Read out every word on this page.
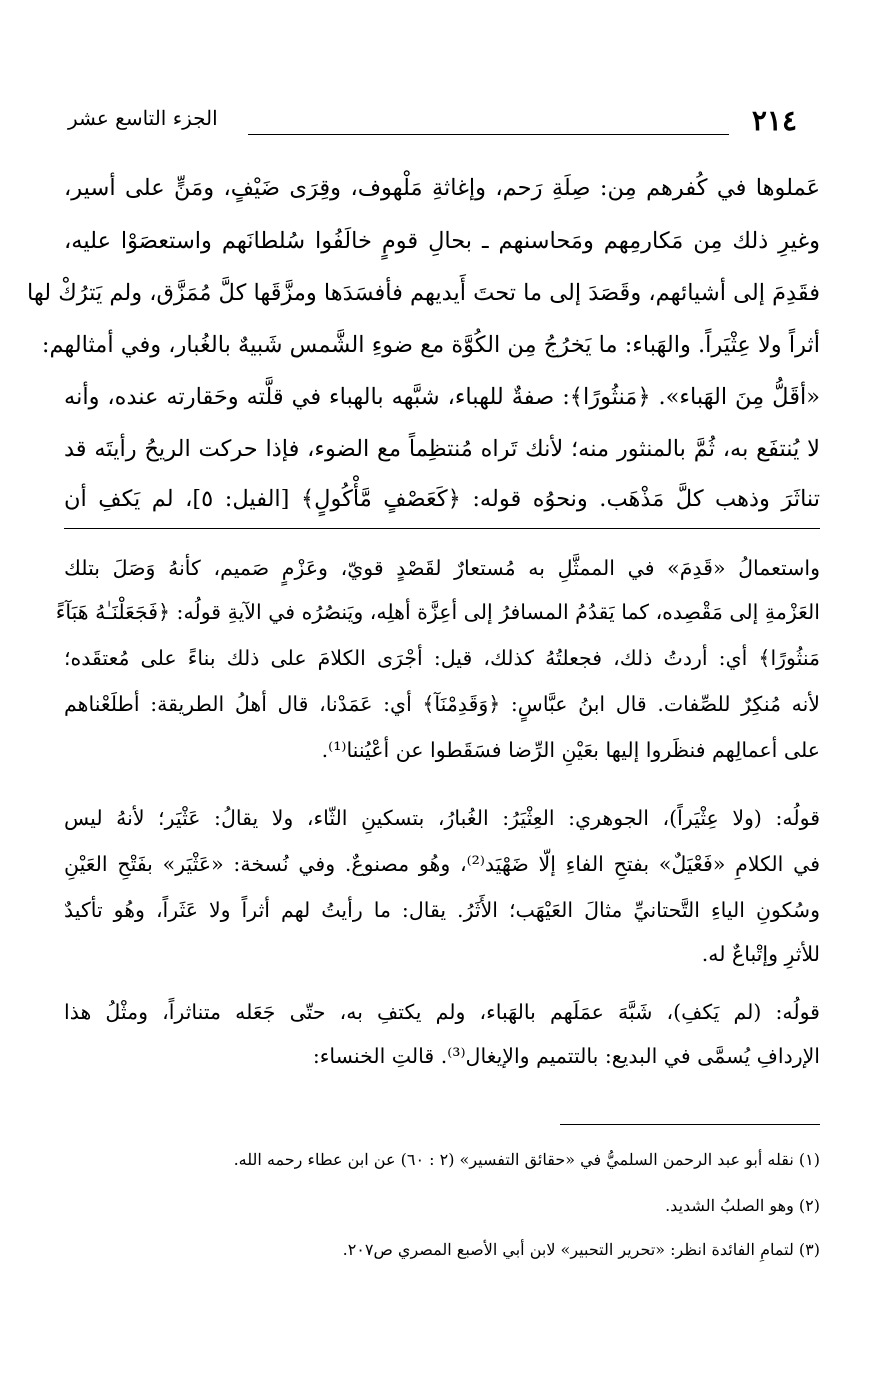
٢١٤
الجزء التاسع عشر
عَملوها في كُفرهم مِن: صِلَةِ رَحم، وإغاثةِ مَلْهوف، وقِرَى ضَيْفٍ، ومَنٍّ على أسير،
وغيرِ ذلك مِن مَكارمِهم ومَحاسنهم ـ بحالِ قومٍ خالَفُوا سُلطانَهم واستعصَوْا عليه،
فقَدِمَ إلى أشيائهم، وقَصَدَ إلى ما تحتَ أَيديهم فأفسَدَها ومزَّقَها كلَّ مُمَزَّق، ولم يَترُكْ لها
أثراً ولا عِثْيَراً. والهَباء: ما يَخرُجُ مِن الكُوَّة مع ضوءِ الشَّمس شَبيهٌ بالغُبار، وفي أمثالهم:
«أقَلُّ مِنَ الهَباء». ﴿مَنثُورًا﴾: صفةٌ للهباء، شبَّهه بالهباء في قلَّته وحَقارته عنده، وأنه
لا يُنتفَع به، ثُمَّ بالمنثور منه؛ لأنك تَراه مُنتظِماً مع الضوء، فإذا حركت الريحُ رأيتَه قد
تناثَرَ وذهب كلَّ مَذْهَب. ونحوُه قوله: ﴿كَعَصْفٍ مَّأْكُولٍ﴾ [الفيل: ٥]، لم يَكفِ أن
واستعمالُ «قَدِمَ» في الممثَّلِ به مُستعارٌ لقَصْدٍ قويّ، وعَزْمٍ صَميم، كأنهُ وَصَلَ بتلك
العَزْمةِ إلى مَقْصِده، كما يَقدُمُ المسافرُ إلى أعِزَّة أهلِه، ويَنصُرُه في الآيةِ قولُه: ﴿فَجَعَلْنَـٰهُ هَبَآءً
مَنثُورًا﴾ أي: أردتُ ذلك، فجعلتُهُ كذلك، قيل: أجْرَى الكلامَ على ذلك بناءً على مُعتقَده؛
لأنه مُنكِرٌ للصِّفات. قال ابنُ عبَّاسٍ: ﴿وَقَدِمْنَآ﴾ أي: عَمَدْنا، قال أهلُ الطريقة: أطلَعْناهم
على أعمالِهم فنظَروا إليها بعَيْنِ الرِّضا فسَقَطوا عن أعْيُننا⁽¹⁾.
قولُه: (ولا عِثْيَراً)، الجوهري: العِثْيَرُ: الغُبارُ، بتسكينِ الثّاء، ولا يقالُ: عَثْيَر؛ لأنهُ ليس
في الكلامِ «فَعْيَلٌ» بفتحِ الفاءِ إلّا ضَهْيَد⁽²⁾، وهُو مصنوعٌ. وفي نُسخة: «عَثْيَر» بفَتْحِ العَيْنِ
وسُكونِ الياءِ التَّحتانيِّ مثالَ العَيْهَب؛ الأَثَرُ. يقال: ما رأيتُ لهم أثراً ولا عَثَراً، وهُو تأكيدٌ
للأثرِ وإتْباعٌ له.
قولُه: (لم يَكفِ)، شَبَّهَ عمَلَهم بالهَباء، ولم يكتفِ به، حتّى جَعَله متناثراً، ومثْلُ هذا
الإردافِ يُسمَّى في البديع: بالتتميم والإيغال⁽³⁾. قالتِ الخنساء:
(١) نقله أبو عبد الرحمن السلميُّ في «حقائق التفسير» (٢ : ٦٠) عن ابن عطاء رحمه الله.
(٢) وهو الصلبُ الشديد.
(٣) لتمامِ الفائدة انظر: «تحرير التحبير» لابن أبي الأصبع المصري ص٢٠٧.
